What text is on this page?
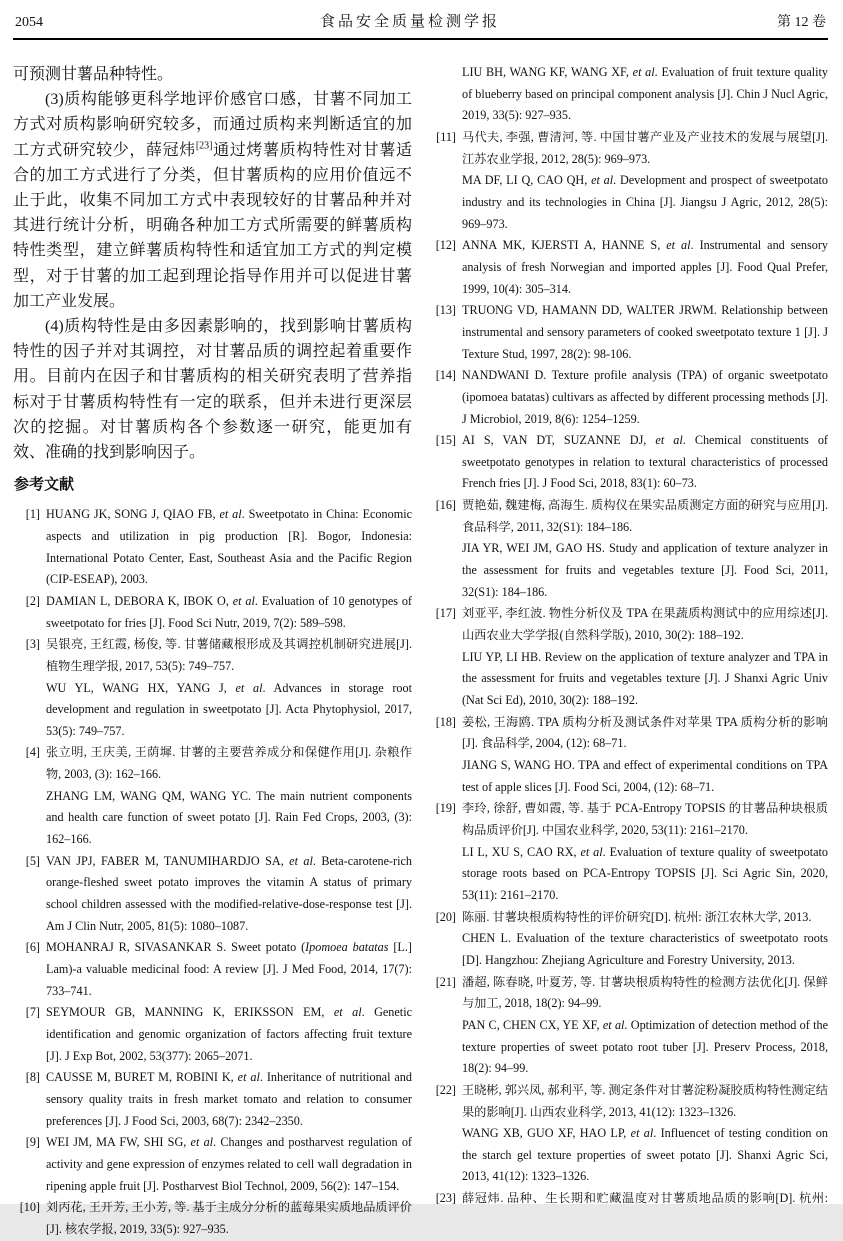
2054	食品安全质量检测学报	第 12 卷

可预测甘薯品种特性。

(3)质构能够更科学地评价感官口感，甘薯不同加工方式对质构影响研究较多，而通过质构来判断适宜的加工方式研究较少，薛冠炜[23]通过烤薯质构特性对甘薯适合的加工方式进行了分类，但甘薯质构的应用价值远不止于此，收集不同加工方式中表现较好的甘薯品种并对其进行统计分析，明确各种加工方式所需要的鲜薯质构特性类型，建立鲜薯质构特性和适宜加工方式的判定模型，对于甘薯的加工起到理论指导作用并可以促进甘薯加工产业发展。

(4)质构特性是由多因素影响的，找到影响甘薯质构特性的因子并对其调控，对甘薯品质的调控起着重要作用。目前内在因子和甘薯质构的相关研究表明了营养指标对于甘薯质构特性有一定的联系，但并未进行更深层次的挖掘。对甘薯质构各个参数逐一研究，能更加有效、准确的找到影响因子。

参考文献
[1] HUANG JK, SONG J, QIAO FB, et al. Sweetpotato in China: Economic aspects and utilization in pig production [R]. Bogor, Indonesia: International Potato Center, East, Southeast Asia and the Pacific Region (CIP-ESEAP), 2003.

[2] DAMIAN L, DEBORA K, IBOK O, et al. Evaluation of 10 genotypes of sweetpotato for fries [J]. Food Sci Nutr, 2019, 7(2): 589–598.

[3] 吴银亮, 王红霞, 杨俊, 等. 甘薯储藏根形成及其调控机制研究进展[J]. 植物生理学报, 2017, 53(5): 749–757.

WU YL, WANG HX, YANG J, et al. Advances in storage root development and regulation in sweetpotato [J]. Acta Phytophysiol, 2017, 53(5): 749–757.

[4] 张立明, 王庆美, 王荫墀. 甘薯的主要营养成分和保健作用[J]. 杂粮作物, 2003, (3): 162–166.

ZHANG LM, WANG QM, WANG YC. The main nutrient components and health care function of sweet potato [J]. Rain Fed Crops, 2003, (3): 162–166.

[5] VAN JPJ, FABER M, TANUMIHARDJO SA, et al. Beta-carotene-rich orange-fleshed sweet potato improves the vitamin A status of primary school children assessed with the modified-relative-dose-response test [J]. Am J Clin Nutr, 2005, 81(5): 1080–1087.

[6] MOHANRAJ R, SIVASANKAR S. Sweet potato (Ipomoea batatas [L.] Lam)-a valuable medicinal food: A review [J]. J Med Food, 2014, 17(7): 733–741.

[7] SEYMOUR GB, MANNING K, ERIKSSON EM, et al. Genetic identification and genomic organization of factors affecting fruit texture [J]. J Exp Bot, 2002, 53(377): 2065–2071.

[8] CAUSSE M, BURET M, ROBINI K, et al. Inheritance of nutritional and sensory quality traits in fresh market tomato and relation to consumer preferences [J]. J Food Sci, 2003, 68(7): 2342–2350.

[9] WEI JM, MA FW, SHI SG, et al. Changes and postharvest regulation of activity and gene expression of enzymes related to cell wall degradation in ripening apple fruit [J]. Postharvest Biol Technol, 2009, 56(2): 147–154.

[10] 刘丙花, 王开芳, 王小芳, 等. 基于主成分分析的蓝莓果实质地品质评价[J]. 核农学报, 2019, 33(5): 927–935.

LIU BH, WANG KF, WANG XF, et al. Evaluation of fruit texture quality of blueberry based on principal component analysis [J]. Chin J Nucl Agric, 2019, 33(5): 927–935.

[11] 马代夫, 李强, 曹清河, 等. 中国甘薯产业及产业技术的发展与展望[J]. 江苏农业学报, 2012, 28(5): 969–973.

MA DF, LI Q, CAO QH, et al. Development and prospect of sweetpotato industry and its technologies in China [J]. Jiangsu J Agric, 2012, 28(5): 969–973.

[12] ANNA MK, KJERSTI A, HANNE S, et al. Instrumental and sensory analysis of fresh Norwegian and imported apples [J]. Food Qual Prefer, 1999, 10(4): 305–314.

[13] TRUONG VD, HAMANN DD, WALTER JRWM. Relationship between instrumental and sensory parameters of cooked sweetpotato texture 1 [J]. J Texture Stud, 1997, 28(2): 98-106.

[14] NANDWANI D. Texture profile analysis (TPA) of organic sweetpotato (ipomoea batatas) cultivars as affected by different processing methods [J]. J Microbiol, 2019, 8(6): 1254–1259.

[15] AI S, VAN DT, SUZANNE DJ, et al. Chemical constituents of sweetpotato genotypes in relation to textural characteristics of processed French fries [J]. J Food Sci, 2018, 83(1): 60–73.

[16] 贾艳茹, 魏建梅, 高海生. 质构仪在果实品质测定方面的研究与应用[J]. 食品科学, 2011, 32(S1): 184–186.

JIA YR, WEI JM, GAO HS. Study and application of texture analyzer in the assessment for fruits and vegetables texture [J]. Food Sci, 2011, 32(S1): 184–186.

[17] 刘亚平, 李红波. 物性分析仪及 TPA 在果蔬质构测试中的应用综述[J]. 山西农业大学学报(自然科学版), 2010, 30(2): 188–192.

LIU YP, LI HB. Review on the application of texture analyzer and TPA in the assessment for fruits and vegetables texture [J]. J Shanxi Agric Univ (Nat Sci Ed), 2010, 30(2): 188–192.

[18] 姜松, 王海鸥. TPA 质构分析及测试条件对苹果 TPA 质构分析的影响[J]. 食品科学, 2004, (12): 68–71.

JIANG S, WANG HO. TPA and effect of experimental conditions on TPA test of apple slices [J]. Food Sci, 2004, (12): 68–71.

[19] 李玲, 徐舒, 曹如霞, 等. 基于 PCA-Entropy TOPSIS 的甘薯品种块根质构品质评价[J]. 中国农业科学, 2020, 53(11): 2161–2170.

LI L, XU S, CAO RX, et al. Evaluation of texture quality of sweetpotato storage roots based on PCA-Entropy TOPSIS [J]. Sci Agric Sin, 2020, 53(11): 2161–2170.

[20] 陈丽. 甘薯块根质构特性的评价研究[D]. 杭州: 浙江农林大学, 2013.

CHEN L. Evaluation of the texture characteristics of sweetpotato roots [D]. Hangzhou: Zhejiang Agriculture and Forestry University, 2013.

[21] 潘超, 陈春晓, 叶夏芳, 等. 甘薯块根质构特性的检测方法优化[J]. 保鲜与加工, 2018, 18(2): 94–99.

PAN C, CHEN CX, YE XF, et al. Optimization of detection method of the texture properties of sweet potato root tuber [J]. Preserv Process, 2018, 18(2): 94–99.

[22] 王晓彬, 郭兴凤, 郝利平, 等. 测定条件对甘薯淀粉凝胶质构特性测定结果的影响[J]. 山西农业科学, 2013, 41(12): 1323–1326.

WANG XB, GUO XF, HAO LP, et al. Influencet of testing condition on the starch gel texture properties of sweet potato [J]. Shanxi Agric Sci, 2013, 41(12): 1323–1326.

[23] 薛冠炜. 品种、生长期和贮藏温度对甘薯质地品质的影响[D]. 杭州:
